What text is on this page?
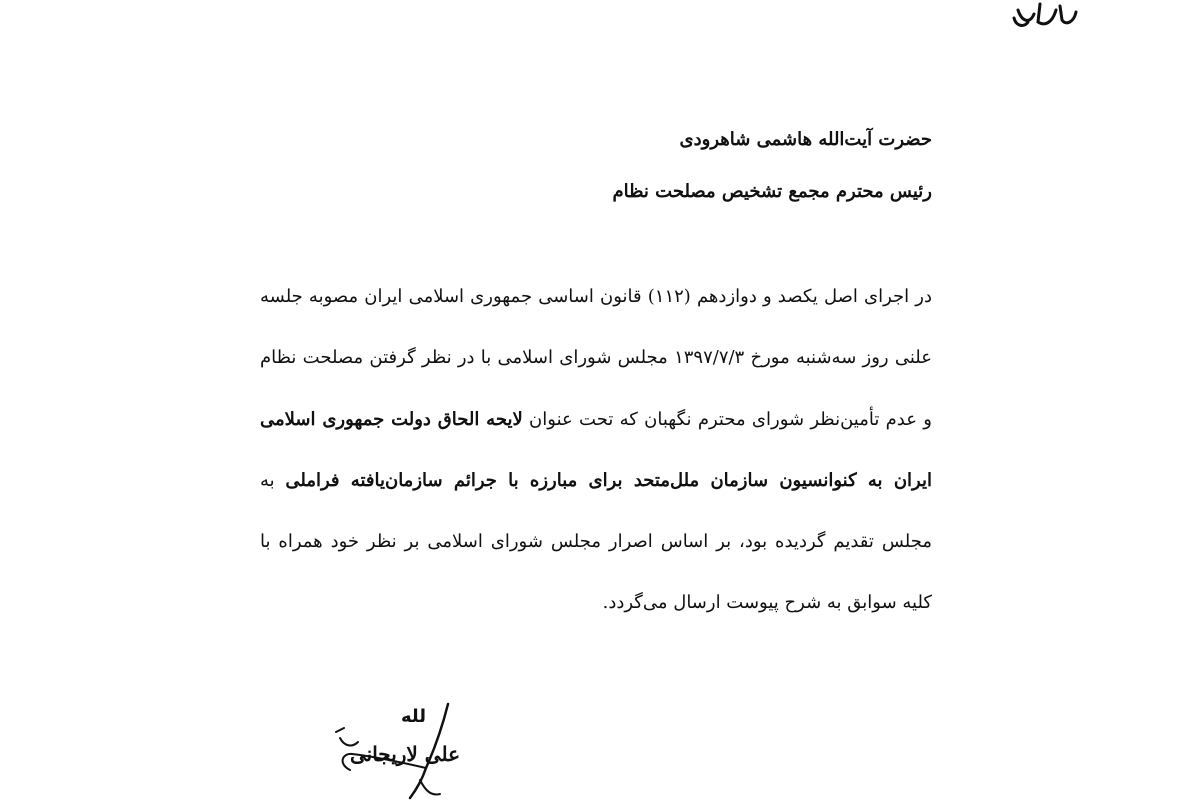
حضرت آیت‌الله هاشمی شاهرودی
رئیس محترم مجمع تشخیص مصلحت نظام
در اجرای اصل یکصد و دوازدهم (۱۱۲) قانون اساسی جمهوری اسلامی ایران مصوبه جلسه علنی روز سه‌شنبه مورخ ۱۳۹۷/۷/۳ مجلس شورای اسلامی با در نظر گرفتن مصلحت نظام و عدم تأمین‌نظر شورای محترم نگهبان که تحت عنوان لایحه الحاق دولت جمهوری اسلامی ایران به کنوانسیون سازمان ملل‌متحد برای مبارزه با جرائم سازمان‌یافته فراملی به مجلس تقدیم گردیده بود، بر اساس اصرار مجلس شورای اسلامی بر نظر خود همراه با کلیه سوابق به شرح پیوست ارسال می‌گردد.
لله
علی لاریجانی
